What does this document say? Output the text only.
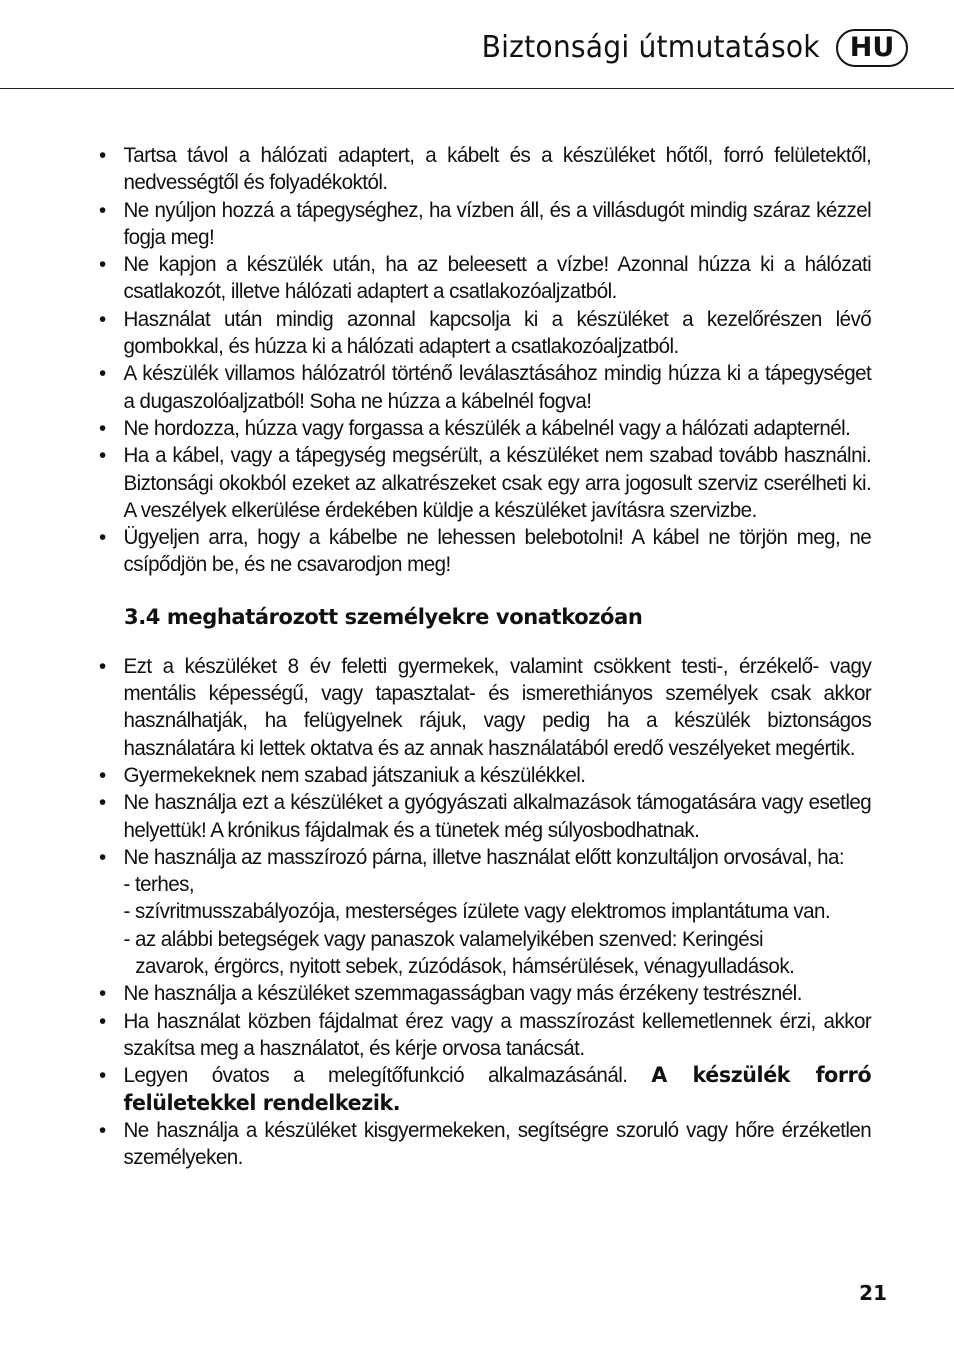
Biztonsági útmutatások	HU
• Tartsa távol a hálózati adaptert, a kábelt és a készüléket hőtől, forró felületektől, nedvességtől és folyadékoktól.
• Ne nyúljon hozzá a tápegységhez, ha vízben áll, és a villásdugót mindig száraz kézzel fogja meg!
• Ne kapjon a készülék után, ha az beleesett a vízbe! Azonnal húzza ki a hálózati csatlakozót, illetve hálózati adaptert a csatlakozóaljzatból.
• Használat után mindig azonnal kapcsolja ki a készüléket a kezelőrészen lévő gombokkal, és húzza ki a hálózati adaptert a csatlakozóaljzatból.
• A készülék villamos hálózatról történő leválasztásához mindig húzza ki a tápegységet a dugaszolóaljzatból! Soha ne húzza a kábelnél fogva!
• Ne hordozza, húzza vagy forgassa a készülék a kábelnél vagy a hálózati adapternél.
• Ha a kábel, vagy a tápegység megsérült, a készüléket nem szabad tovább használni. Biztonsági okokból ezeket az alkatrészeket csak egy arra jogosult szerviz cserélheti ki. A veszélyek elkerülése érdekében küldje a készüléket javításra szervizbe.
• Ügyeljen arra, hogy a kábelbe ne lehessen belebotolni! A kábel ne törjön meg, ne csípődjön be, és ne csavarodjon meg!
3.4 meghatározott személyekre vonatkozóan
• Ezt a készüléket 8 év feletti gyermekek, valamint csökkent testi-, érzékelő- vagy mentális képességű, vagy tapasztalat- és ismerethiányos személyek csak akkor használhatják, ha felügyelnek rájuk, vagy pedig ha a készülék biztonságos használatára ki lettek oktatva és az annak használatából eredő veszélyeket megértik.
• Gyermekeknek nem szabad játszaniuk a készülékkel.
• Ne használja ezt a készüléket a gyógyászati alkalmazások támogatására vagy esetleg helyettük! A krónikus fájdalmak és a tünetek még súlyosbodhatnak.
• Ne használja az masszírozó párna, illetve használat előtt konzultáljon orvosával, ha:
- terhes,
- szívritmusszabályozója, mesterséges ízülete vagy elektromos implantátuma van.
- az alábbi betegségek vagy panaszok valamelyikében szenved: Keringési
zavarok, érgörcs, nyitott sebek, zúzódások, hámsérülések, vénagyulladások.
• Ne használja a készüléket szemmagasságban vagy más érzékeny testrésznél.
• Ha használat közben fájdalmat érez vagy a masszírozást kellemetlennek érzi, akkor szakítsa meg a használatot, és kérje orvosa tanácsát.
• Legyen óvatos a melegítőfunkció alkalmazásánál. A készülék forró felületekkel rendelkezik.
• Ne használja a készüléket kisgyermekeken, segítségre szoruló vagy hőre érzéketlen személyeken.
21
